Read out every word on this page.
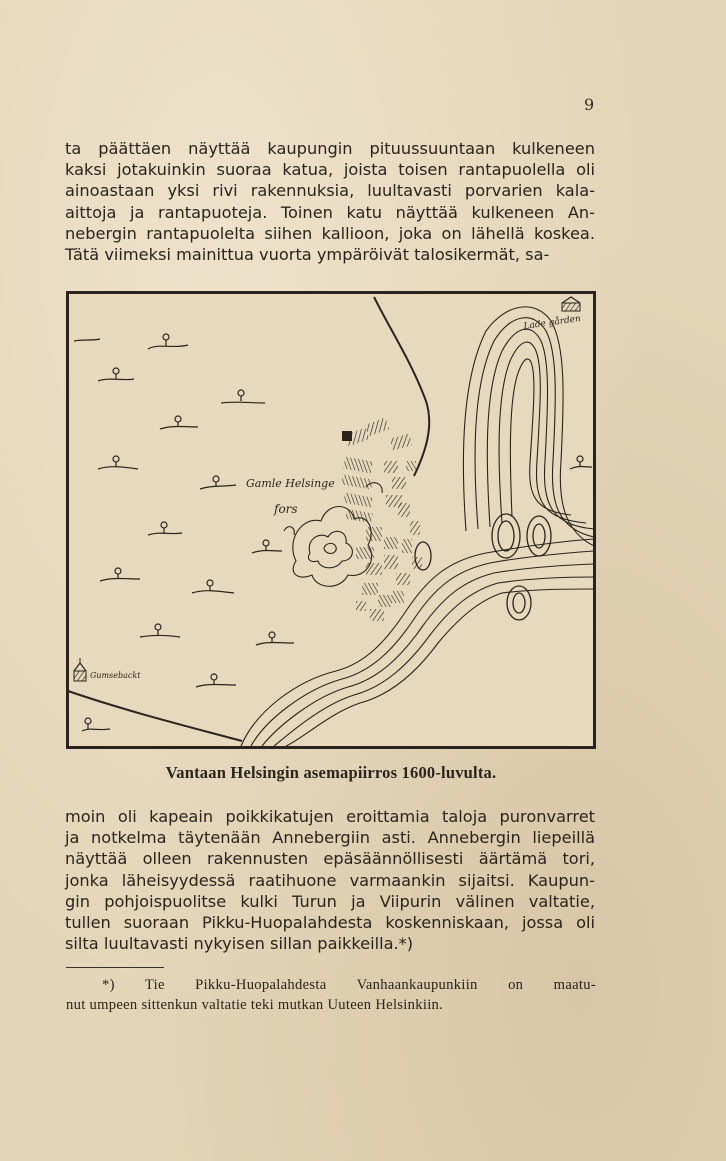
9

ta päättäen näyttää kaupungin pituussuuntaan kulkeneen
kaksi jotakuinkin suoraa katua, joista toisen rantapuolella oli
ainoastaan yksi rivi rakennuksia, luultavasti porvarien kala-
aittoja ja rantapuoteja. Toinen katu näyttää kulkeneen An-
nebergin rantapuolelta siihen kallioon, joka on lähellä koskea.
Tätä viimeksi mainittua vuorta ympäröivät talosikermät, sa-

Gamle Helsinge
fors
Lade gården
Gumsebackt
Vantaan Helsingin asemapiirros 1600-luvulta.

moin oli kapeain poikkikatujen eroittamia taloja puronvarret
ja notkelma täytenään Annebergiin asti. Annebergin liepeillä
näyttää olleen rakennusten epäsäännöllisesti äärtämä tori,
jonka läheisyydessä raatihuone varmaankin sijaitsi. Kaupun-
gin pohjoispuolitse kulki Turun ja Viipurin välinen valtatie,
tullen suoraan Pikku-Huopalahdesta koskenniskaan, jossa oli
silta luultavasti nykyisen sillan paikkeilla.*)

*) Tie Pikku-Huopalahdesta Vanhaankaupunkiin on maatu-
nut umpeen sittenkun valtatie teki mutkan Uuteen Helsinkiin.
